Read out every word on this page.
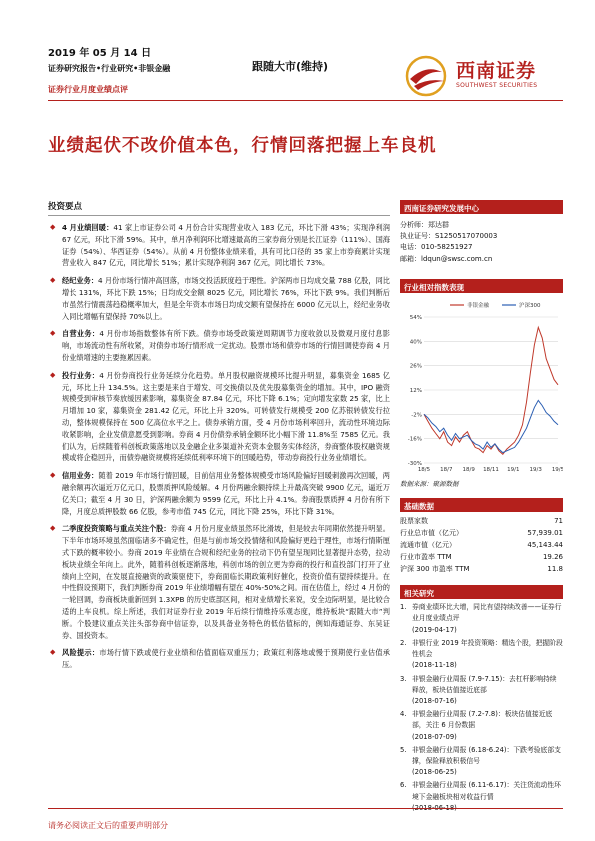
2019 年 05 月 14 日
证券研究报告•行业研究•非银金融
证券行业月度业绩点评
跟随大市(维持)	西南证券
SOUTHWEST SECURITIES
业绩起伏不改价值本色，行情回落把握上车良机
投资要点
◆ 4 月业绩回暖：41 家上市证券公司 4 月份合计实现营业收入 183 亿元，环比下滑 43%；实现净利润 67 亿元，环比下滑 59%。其中，单月净利润环比增速最高的三家券商分别是长江证券（111%）、国海证券（54%）、华西证券（54%）。从前 4 月份整体业绩来看，具有可比口径的 35 家上市券商累计实现营业收入 847 亿元，同比增长 51%；累计实现净利润 367 亿元，同比增长 73%。
◆ 经纪业务：4 月份市场行情冲高回落，市场交投活跃度趋于理性。沪深两市日均成交量 788 亿股，同比增长 131%，环比下跌 15%；日均成交金额 8025 亿元，同比增长 76%，环比下跌 9%。我们判断后市虽然行情震荡趋稳概率加大，但是全年资本市场日均成交额有望保持在 6000 亿元以上，经纪业务收入同比增幅有望保持 70%以上。
◆ 自营业务：4 月份市场指数整体有所下跌。债券市场受政策逆周期调节力度收敛以及微观月度付息影响，市场流动性有所收紧，对债券市场行情形成一定扰动。股票市场和债券市场的行情回调使券商 4 月份业绩增速的主要拖累因素。
◆ 投行业务：4 月份券商投行业务延续分化趋势。单月股权融资规模环比提升明显，募集资金 1685 亿元，环比上升 134.5%。这主要是来自于增发、可交换债以及优先股募集资金的增加。其中，IPO 融资规模受到审核节奏放缓因素影响，募集资金 87.84 亿元，环比下降 6.1%；定向增发家数 25 家，比上月增加 10 家，募集资金 281.42 亿元，环比上升 320%。可转债发行规模受 200 亿苏银转债发行拉动，整体规模保持在 500 亿高位水平之上。债券承销方面，受 4 月份市场利率回升，流动性环境边际收紧影响，企业发债意愿受到影响。券商 4 月份债券承销金额环比小幅下滑 11.8%至 7585 亿元。我们认为，后续随着科创板政策落地以及金融企业多渠道补充资本金服务实体经济，券商整体股权融资规模或将企稳回升，而债券融资规模将延续低利率环境下的回暖趋势，带动券商投行业务业绩增长。
◆ 信用业务：随着 2019 年市场行情回暖，目前信用业务整体规模受市场风险偏好回暖刺激再次回暖，两融余额再次逼近万亿元口，股票质押风险缓解。4 月份两融余额持续上升最高突破 9900 亿元，逼近万亿关口；截至 4 月 30 日，沪深两融余额为 9599 亿元，环比上升 4.1%。券商股票质押 4 月份有所下降，月度总质押股数 66 亿股，参考市值 745 亿元，同比下降 25%，环比下降 31%。
◆ 二季度投资策略与重点关注个股：券商 4 月份月度业绩虽然环比滑坡，但是较去年同期依然提升明显。下半年市场环境虽然面临诸多不确定性，但是与前市场交投情绪和风险偏好更趋于理性，市场行情斯厘式下跌的概率较小。券商 2019 年业绩在合规和经纪业务的拉动下仍有望呈现同比显著提升态势，拉动板块业绩全年向上。此外，随着科创板逐渐落地，科创市场的创立更为券商的投行和直投部门打开了业绩向上空间，在发展直接融资的政策驱使下，券商面临长期政策利好催化，投资价值有望持续提升。在中性假设预期下，我们判断券商 2019 年业绩增幅有望在 40%-50%之间。而在估值上，经过 4 月份的一轮回调，券商板块重新回到 1.3XPB 的历史底部区间，相对业绩增长来说，安全边际明显，是比较合适的上车良机。综上所述，我们对证券行业 2019 年后续行情维持乐观态度，维持板块“跟随大市”判断。个股建议重点关注头部券商中信证券，以及具备业务特色的低估值标的，例如海通证券、东吴证券、国投资本。
◆ 风险提示：市场行情下跌或使行业业绩和估值面临双重压力；政策红利落地或慢于预期使行业估值承压。
西南证券研究发展中心
分析师：郑达群
执业证号：S1250517070003
电话：010-58251927
邮箱：ldqun@swsc.com.cn
行业相对指数表现
54%
40%
26%
12%
-2%
-16%
-30%
18/5 18/7 18/9 18/11 19/1 19/3 19/5
非银金融	沪深300
数据来源：聚源数据
基础数据
股票家数	71
行业总市值（亿元）	57,939.01
流通市值（亿元）	45,143.44
行业市盈率 TTM	19.26
沪深 300 市盈率 TTM	11.8
相关研究
1. 券商业绩环比大增，同比有望持续改善——证券行业月度业绩点评
(2019-04-17)
2. 非银行业 2019 年投资策略：精选个股，把握阶段性机会
(2018-11-18)
3. 非银金融行业周报 (7.9-7.15)：去杠杆影响持续释放，板块估值接近底部
(2018-07-16)
4. 非银金融行业周报 (7.2-7.8)：板块估值接近底部，关注 6 月份数据
(2018-07-09)
5. 非银金融行业周报 (6.18-6.24)：下跌考验底部支撑，保险释放积极信号
(2018-06-25)
6. 非银金融行业周报 (6.11-6.17)：关注货流动性环境下金融板块相对收益行情
(2018-06-18)
请务必阅读正文后的重要声明部分
